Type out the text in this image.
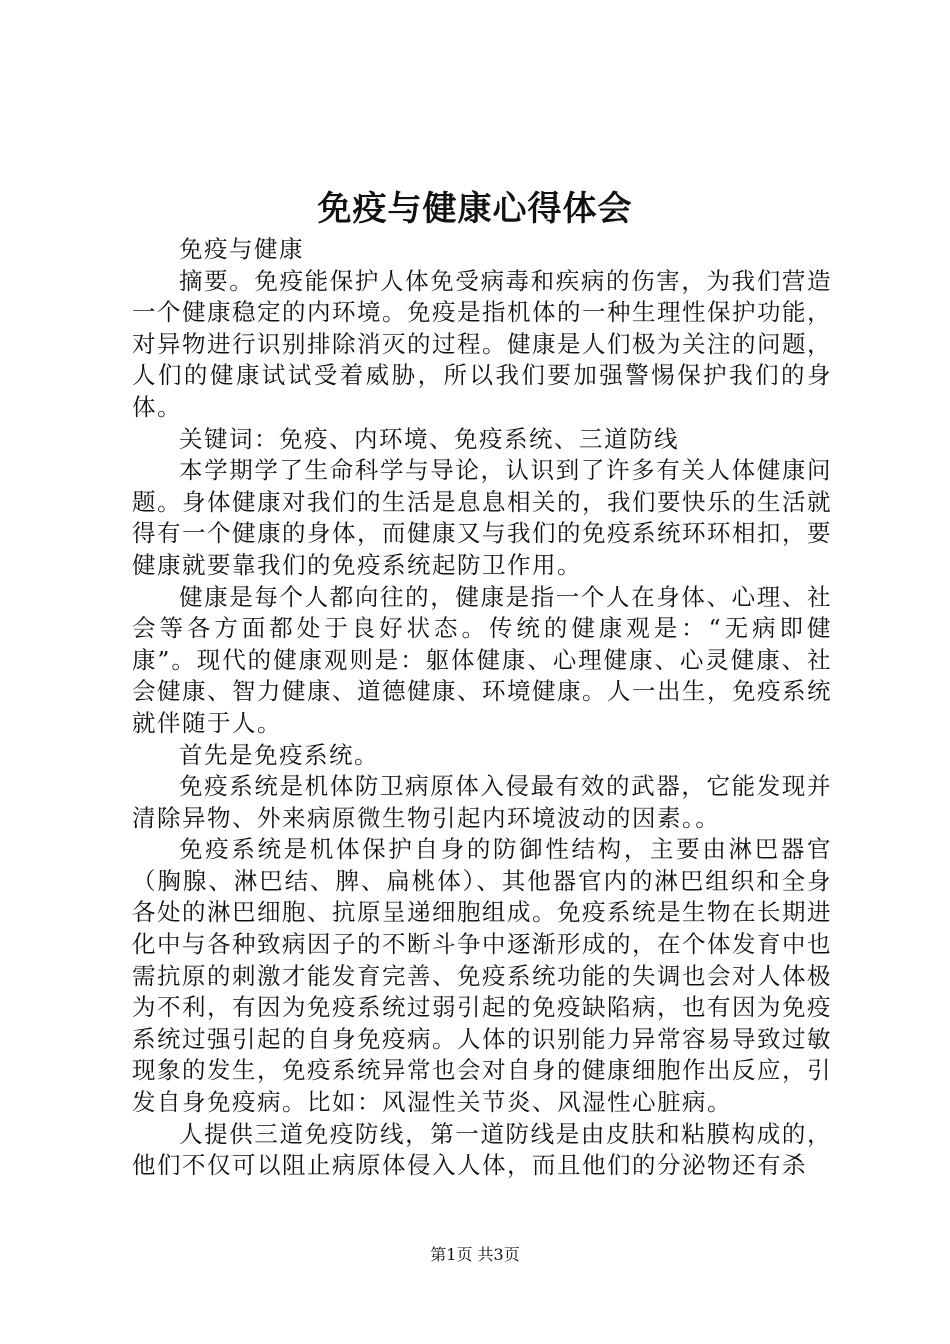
免疫与健康心得体会

免疫与健康

摘要。免疫能保护人体免受病毒和疾病的伤害，为我们营造一个健康稳定的内环境。免疫是指机体的一种生理性保护功能，对异物进行识别排除消灭的过程。健康是人们极为关注的问题，人们的健康试试受着威胁，所以我们要加强警惕保护我们的身体。

关键词：免疫、内环境、免疫系统、三道防线

本学期学了生命科学与导论，认识到了许多有关人体健康问题。身体健康对我们的生活是息息相关的，我们要快乐的生活就得有一个健康的身体，而健康又与我们的免疫系统环环相扣，要健康就要靠我们的免疫系统起防卫作用。

健康是每个人都向往的，健康是指一个人在身体、心理、社会等各方面都处于良好状态。传统的健康观是：“无病即健康”。现代的健康观则是：躯体健康、心理健康、心灵健康、社会健康、智力健康、道德健康、环境健康。人一出生，免疫系统就伴随于人。

首先是免疫系统。

免疫系统是机体防卫病原体入侵最有效的武器，它能发现并清除异物、外来病原微生物引起内环境波动的因素。。

免疫系统是机体保护自身的防御性结构，主要由淋巴器官（胸腺、淋巴结、脾、扁桃体）、其他器官内的淋巴组织和全身各处的淋巴细胞、抗原呈递细胞组成。免疫系统是生物在长期进化中与各种致病因子的不断斗争中逐渐形成的，在个体发育中也需抗原的刺激才能发育完善、免疫系统功能的失调也会对人体极为不利，有因为免疫系统过弱引起的免疫缺陷病，也有因为免疫系统过强引起的自身免疫病。人体的识别能力异常容易导致过敏现象的发生，免疫系统异常也会对自身的健康细胞作出反应，引发自身免疫病。比如：风湿性关节炎、风湿性心脏病。

人提供三道免疫防线，第一道防线是由皮肤和粘膜构成的，他们不仅可以阻止病原体侵入人体，而且他们的分泌物还有杀

第1页 共3页
